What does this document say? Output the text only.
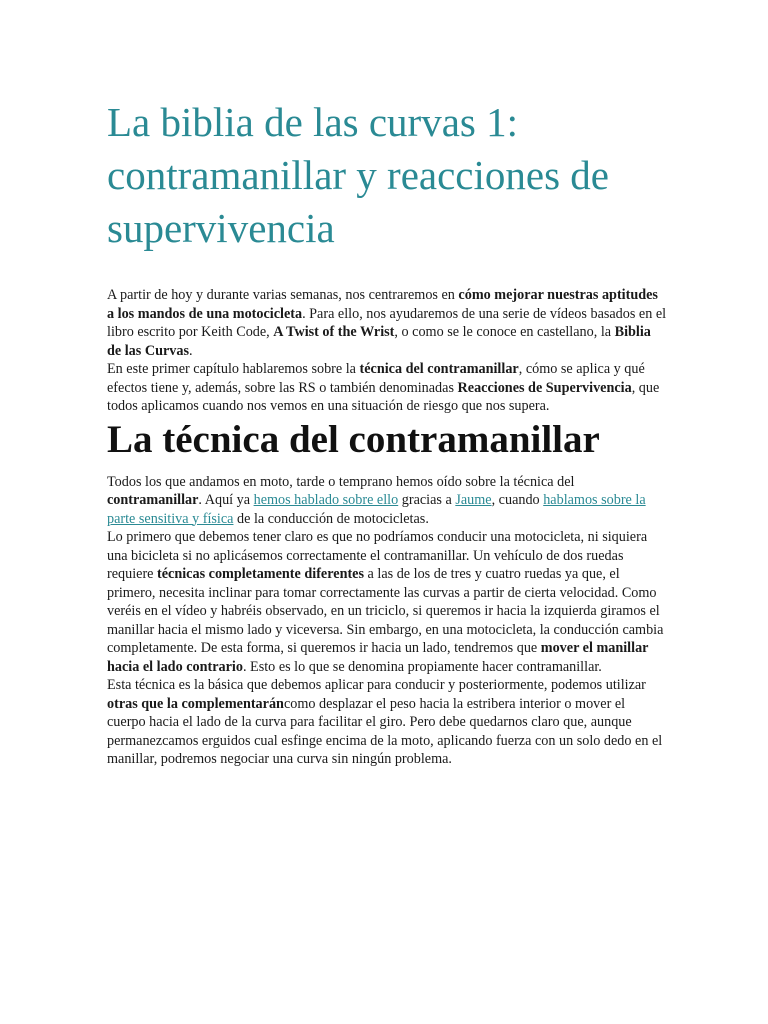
La biblia de las curvas 1: contramanillar y reacciones de supervivencia

A partir de hoy y durante varias semanas, nos centraremos en cómo mejorar nuestras aptitudes a los mandos de una motocicleta. Para ello, nos ayudaremos de una serie de vídeos basados en el libro escrito por Keith Code, A Twist of the Wrist, o como se le conoce en castellano, la Biblia de las Curvas.

En este primer capítulo hablaremos sobre la técnica del contramanillar, cómo se aplica y qué efectos tiene y, además, sobre las RS o también denominadas Reacciones de Supervivencia, que todos aplicamos cuando nos vemos en una situación de riesgo que nos supera.

La técnica del contramanillar

Todos los que andamos en moto, tarde o temprano hemos oído sobre la técnica del contramanillar. Aquí ya hemos hablado sobre ello gracias a Jaume, cuando hablamos sobre la parte sensitiva y física de la conducción de motocicletas.

Lo primero que debemos tener claro es que no podríamos conducir una motocicleta, ni siquiera una bicicleta si no aplicásemos correctamente el contramanillar. Un vehículo de dos ruedas requiere técnicas completamente diferentes a las de los de tres y cuatro ruedas ya que, el primero, necesita inclinar para tomar correctamente las curvas a partir de cierta velocidad. Como veréis en el vídeo y habréis observado, en un triciclo, si queremos ir hacia la izquierda giramos el manillar hacia el mismo lado y viceversa. Sin embargo, en una motocicleta, la conducción cambia completamente. De esta forma, si queremos ir hacia un lado, tendremos que mover el manillar hacia el lado contrario. Esto es lo que se denomina propiamente hacer contramanillar.

Esta técnica es la básica que debemos aplicar para conducir y posteriormente, podemos utilizar otras que la complementaráncomo desplazar el peso hacia la estribera interior o mover el cuerpo hacia el lado de la curva para facilitar el giro. Pero debe quedarnos claro que, aunque permanezcamos erguidos cual esfinge encima de la moto, aplicando fuerza con un solo dedo en el manillar, podremos negociar una curva sin ningún problema.
